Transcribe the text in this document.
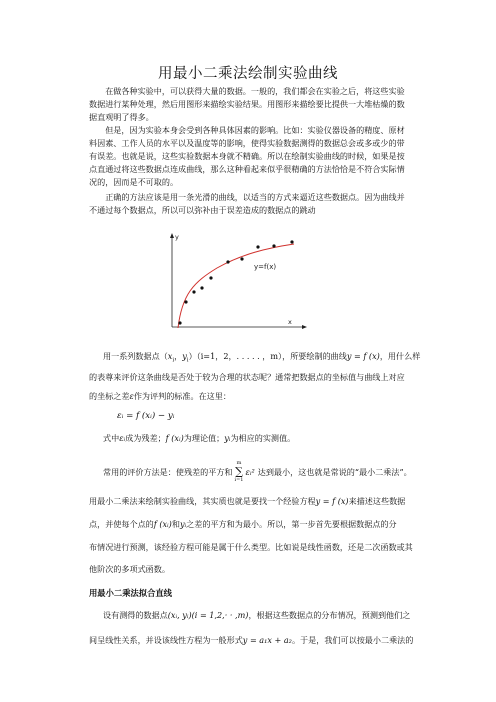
用最小二乘法绘制实验曲线

在做各种实验中，可以获得大量的数据。一般的，我们都会在实验之后，将这些实验数据进行某种处理，然后用图形来描绘实验结果。用图形来描绘要比提供一大堆枯燥的数据直观明了得多。

但是，因为实验本身会受到各种具体因素的影响。比如：实验仪器设备的精度、原材料因素、工作人员的水平以及温度等的影响，使得实验数据测得的数据总会或多或少的带有误差。也就是说，这些实验数据本身就不精确。所以在绘制实验曲线的时候，如果是按点直通过将这些数据点连成曲线，那么这种看起来似乎很精确的方法恰恰是不符合实际情况的，因而是不可取的。

正确的方法应该是用一条光滑的曲线，以适当的方式来逼近这些数据点。因为曲线并不通过每个数据点，所以可以弥补由于误差造成的数据点的跳动

y
x
y=f(x)
用一系列数据点（$x_i$，$y_i)(i=1$，2，. . . . . ，m），所要绘制的曲线y = f (x)，用什么样
的表尊来评价这条曲线是否处于较为合理的状态呢？通常把数据点的坐标值与曲线上对应
的坐标之差ε作为评判的标准。在这里：
εᵢ = f (xᵢ) − yᵢ
式中εᵢ成为残差；f (xᵢ)为理论值；yᵢ为相应的实测值。
常用的评价方法是：使残差的平方和
m
∑
i=1
εᵢ² 达到最小，这也就是常说的“最小二乘法”。
用最小二乘法来绘制实验曲线，其实质也就是要找一个经验方程y = f (x)来描述这些数据
点，并使每个点的f (xᵢ)和yᵢ之差的平方和为最小。所以，第一步首先要根据数据点的分
布情况进行预测，该经验方程可能是属于什么类型。比如说是线性函数，还是二次函数或其
他阶次的多项式函数。
用最小二乘法拟合直线
设有测得的数据点(xᵢ, yᵢ)(i = 1,2,· · ,m)，根据这些数据点的分布情况，预测到他们之
间呈线性关系，并设该线性方程为一般形式y = a₁x + a₂。于是，我们可以按最小二乘法的
